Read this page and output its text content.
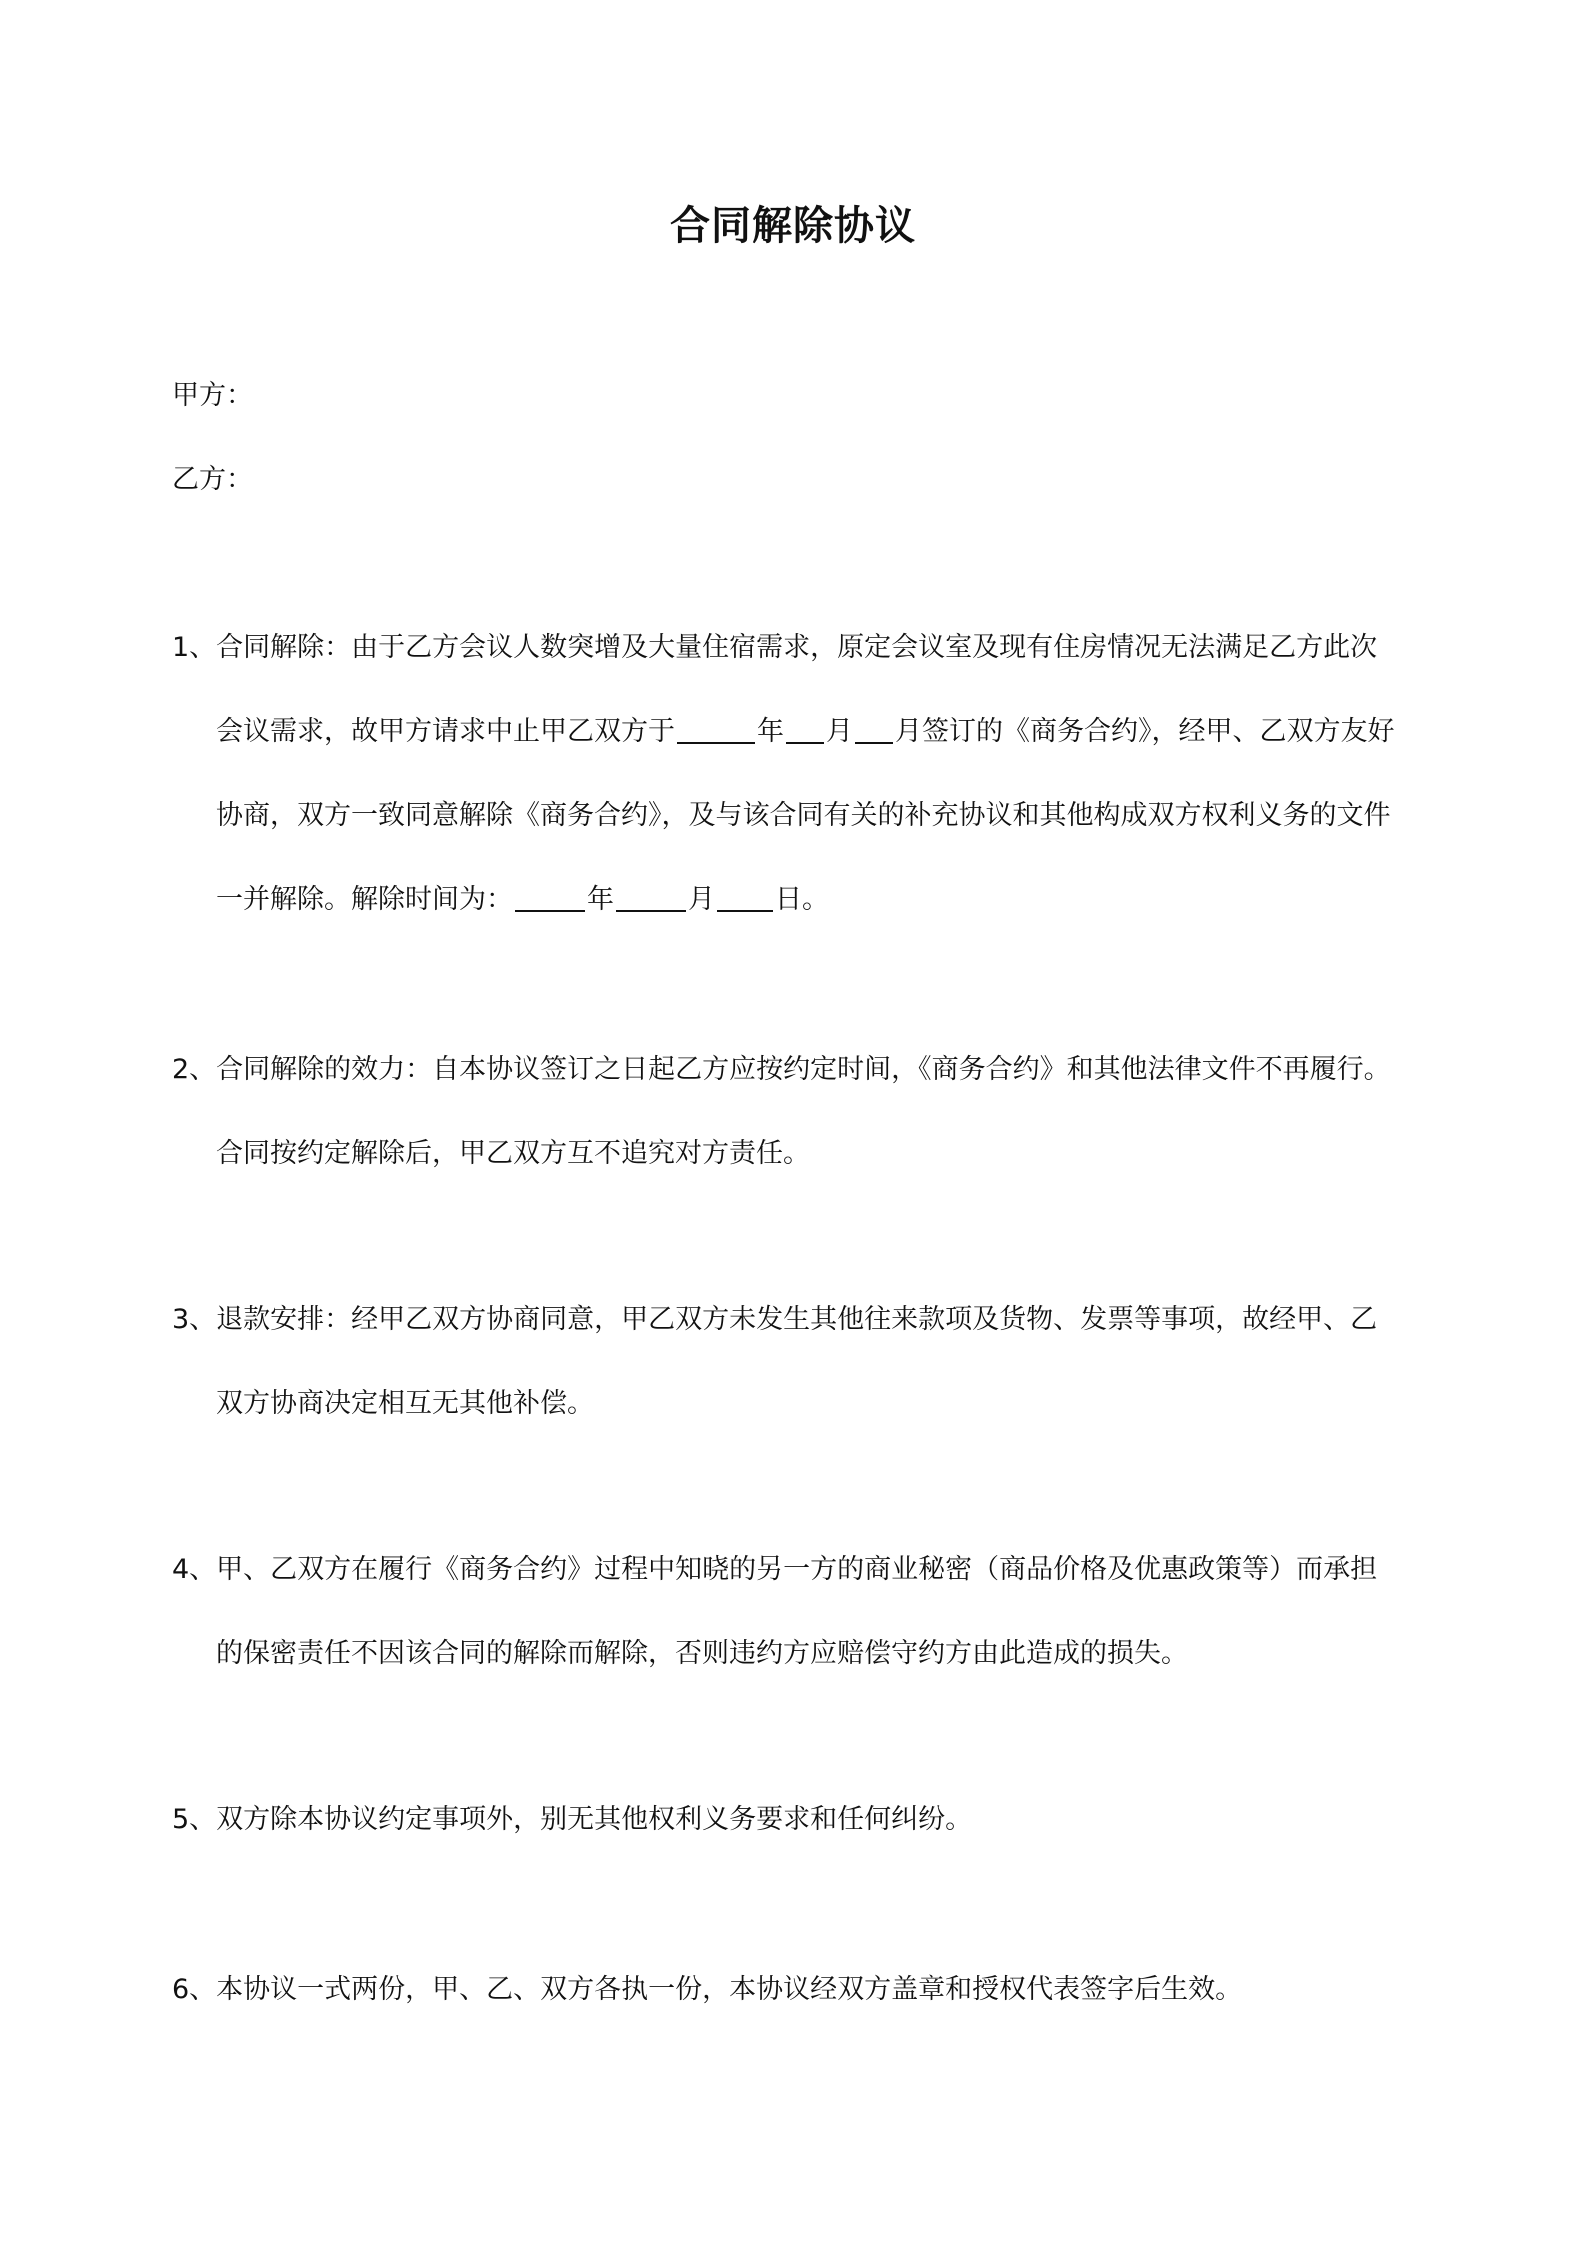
合同解除协议
甲方：
乙方：
1、合同解除：由于乙方会议人数突增及大量住宿需求，原定会议室及现有住房情况无法满足乙方此次
会议需求，故甲方请求中止甲乙双方于	年 月 月签订的《商务合约》，经甲、乙双方友好
协商，双方一致同意解除《商务合约》，及与该合同有关的补充协议和其他构成双方权利义务的文件
一并解除。解除时间为：	年	月 日。
2、合同解除的效力：自本协议签订之日起乙方应按约定时间，《商务合约》和其他法律文件不再履行。
合同按约定解除后，甲乙双方互不追究对方责任。
3、退款安排：经甲乙双方协商同意，甲乙双方未发生其他往来款项及货物、发票等事项，故经甲、乙
双方协商决定相互无其他补偿。
4、甲、乙双方在履行《商务合约》过程中知晓的另一方的商业秘密（商品价格及优惠政策等）而承担
的保密责任不因该合同的解除而解除，否则违约方应赔偿守约方由此造成的损失。
5、双方除本协议约定事项外，别无其他权利义务要求和任何纠纷。
6、本协议一式两份，甲、乙、双方各执一份，本协议经双方盖章和授权代表签字后生效。
